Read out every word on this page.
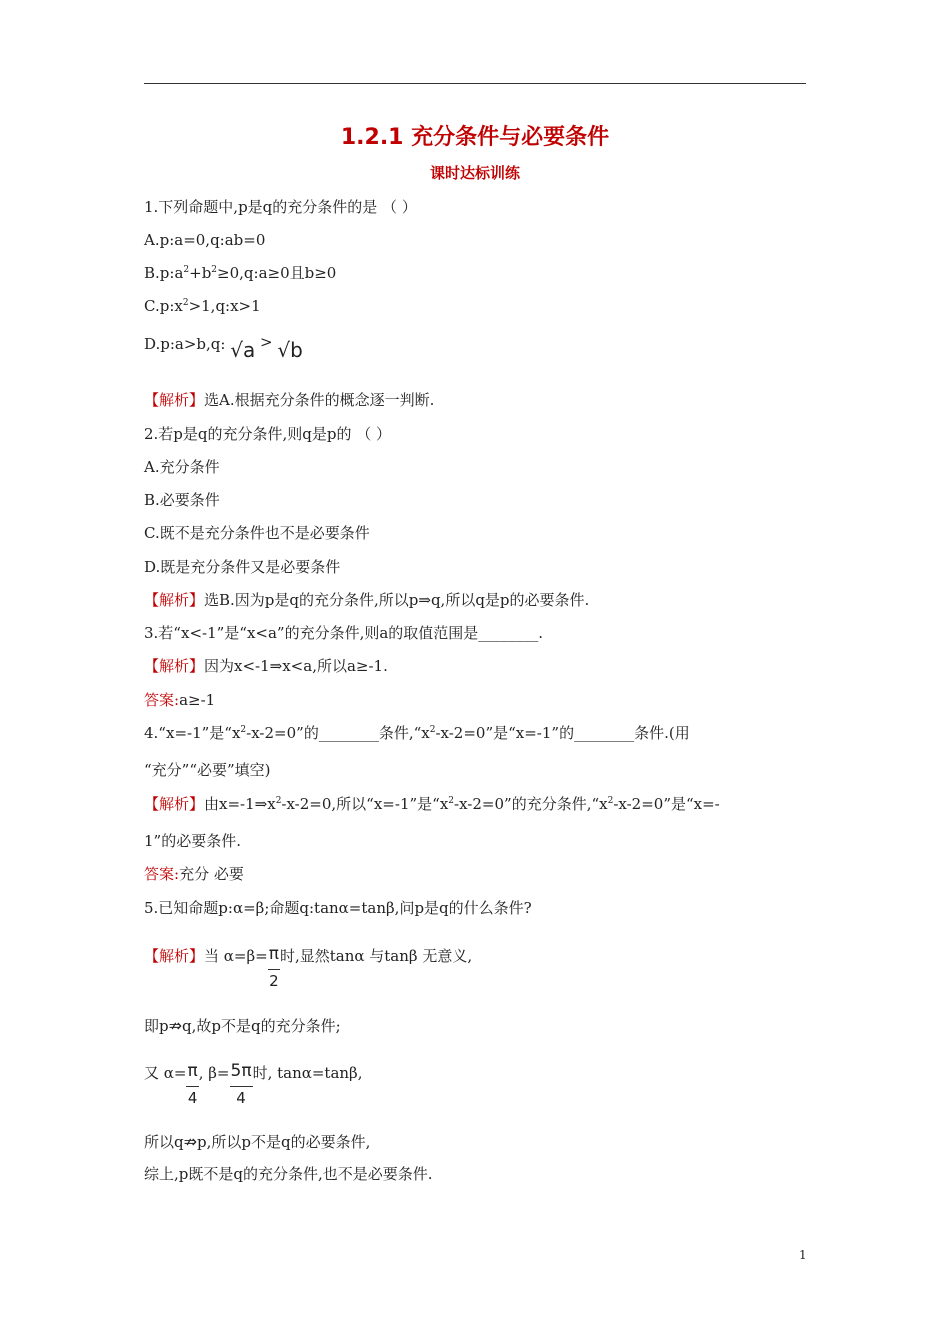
1.2.1 充分条件与必要条件
课时达标训练
1.下列命题中,p是q的充分条件的是 （ ）
A.p:a=0,q:ab=0
$B.p:a^2+b^2\ge 0,q:a\ge 0$且b≥0
$C.p:x^2>1,q:x>1$
D.p:a>b,q: √a > √b
【解析】选A.根据充分条件的概念逐一判断.
2.若p是q的充分条件,则q是p的 （ ）
A.充分条件
B.必要条件
C.既不是充分条件也不是必要条件
D.既是充分条件又是必要条件
【解析】选B.因为p是q的充分条件,所以p⇒q,所以q是p的必要条件.
3.若“x<-1”是“x<a”的充分条件,则a的取值范围是________.
【解析】因为x<-1⇒x<a,所以a≥-1.
答案:a≥-1
4.“x=-1”是“$x^2-x-2=0$”的________条件$,“x^2-x-2=0$”是“x=-1”的________条件.(用
“充分”“必要”填空)
【解析】由$x=-1\Rightarrow x^2-x-2=0$,所以“x=-1”是“$x^2-x-2=0$”的充分条件$,“x^2-x-2=0$”是“x=-
1”的必要条件.
答案:充分 必要
5.已知命题p:α=β;命题q:tanα=tanβ,问p是q的什么条件?
【解析】当 $\alpha=\beta= \frac{\pi}{2}$ 时,显然tanα 与tanβ 无意义,
即p⇏q,故p不是q的充分条件;
又 $\alpha= \frac{\pi}{4}$ , $\beta= \frac{5\pi}{4}$ 时, tanα=tanβ,
所以q⇏p,所以p不是q的必要条件,
综上,p既不是q的充分条件,也不是必要条件.
1
